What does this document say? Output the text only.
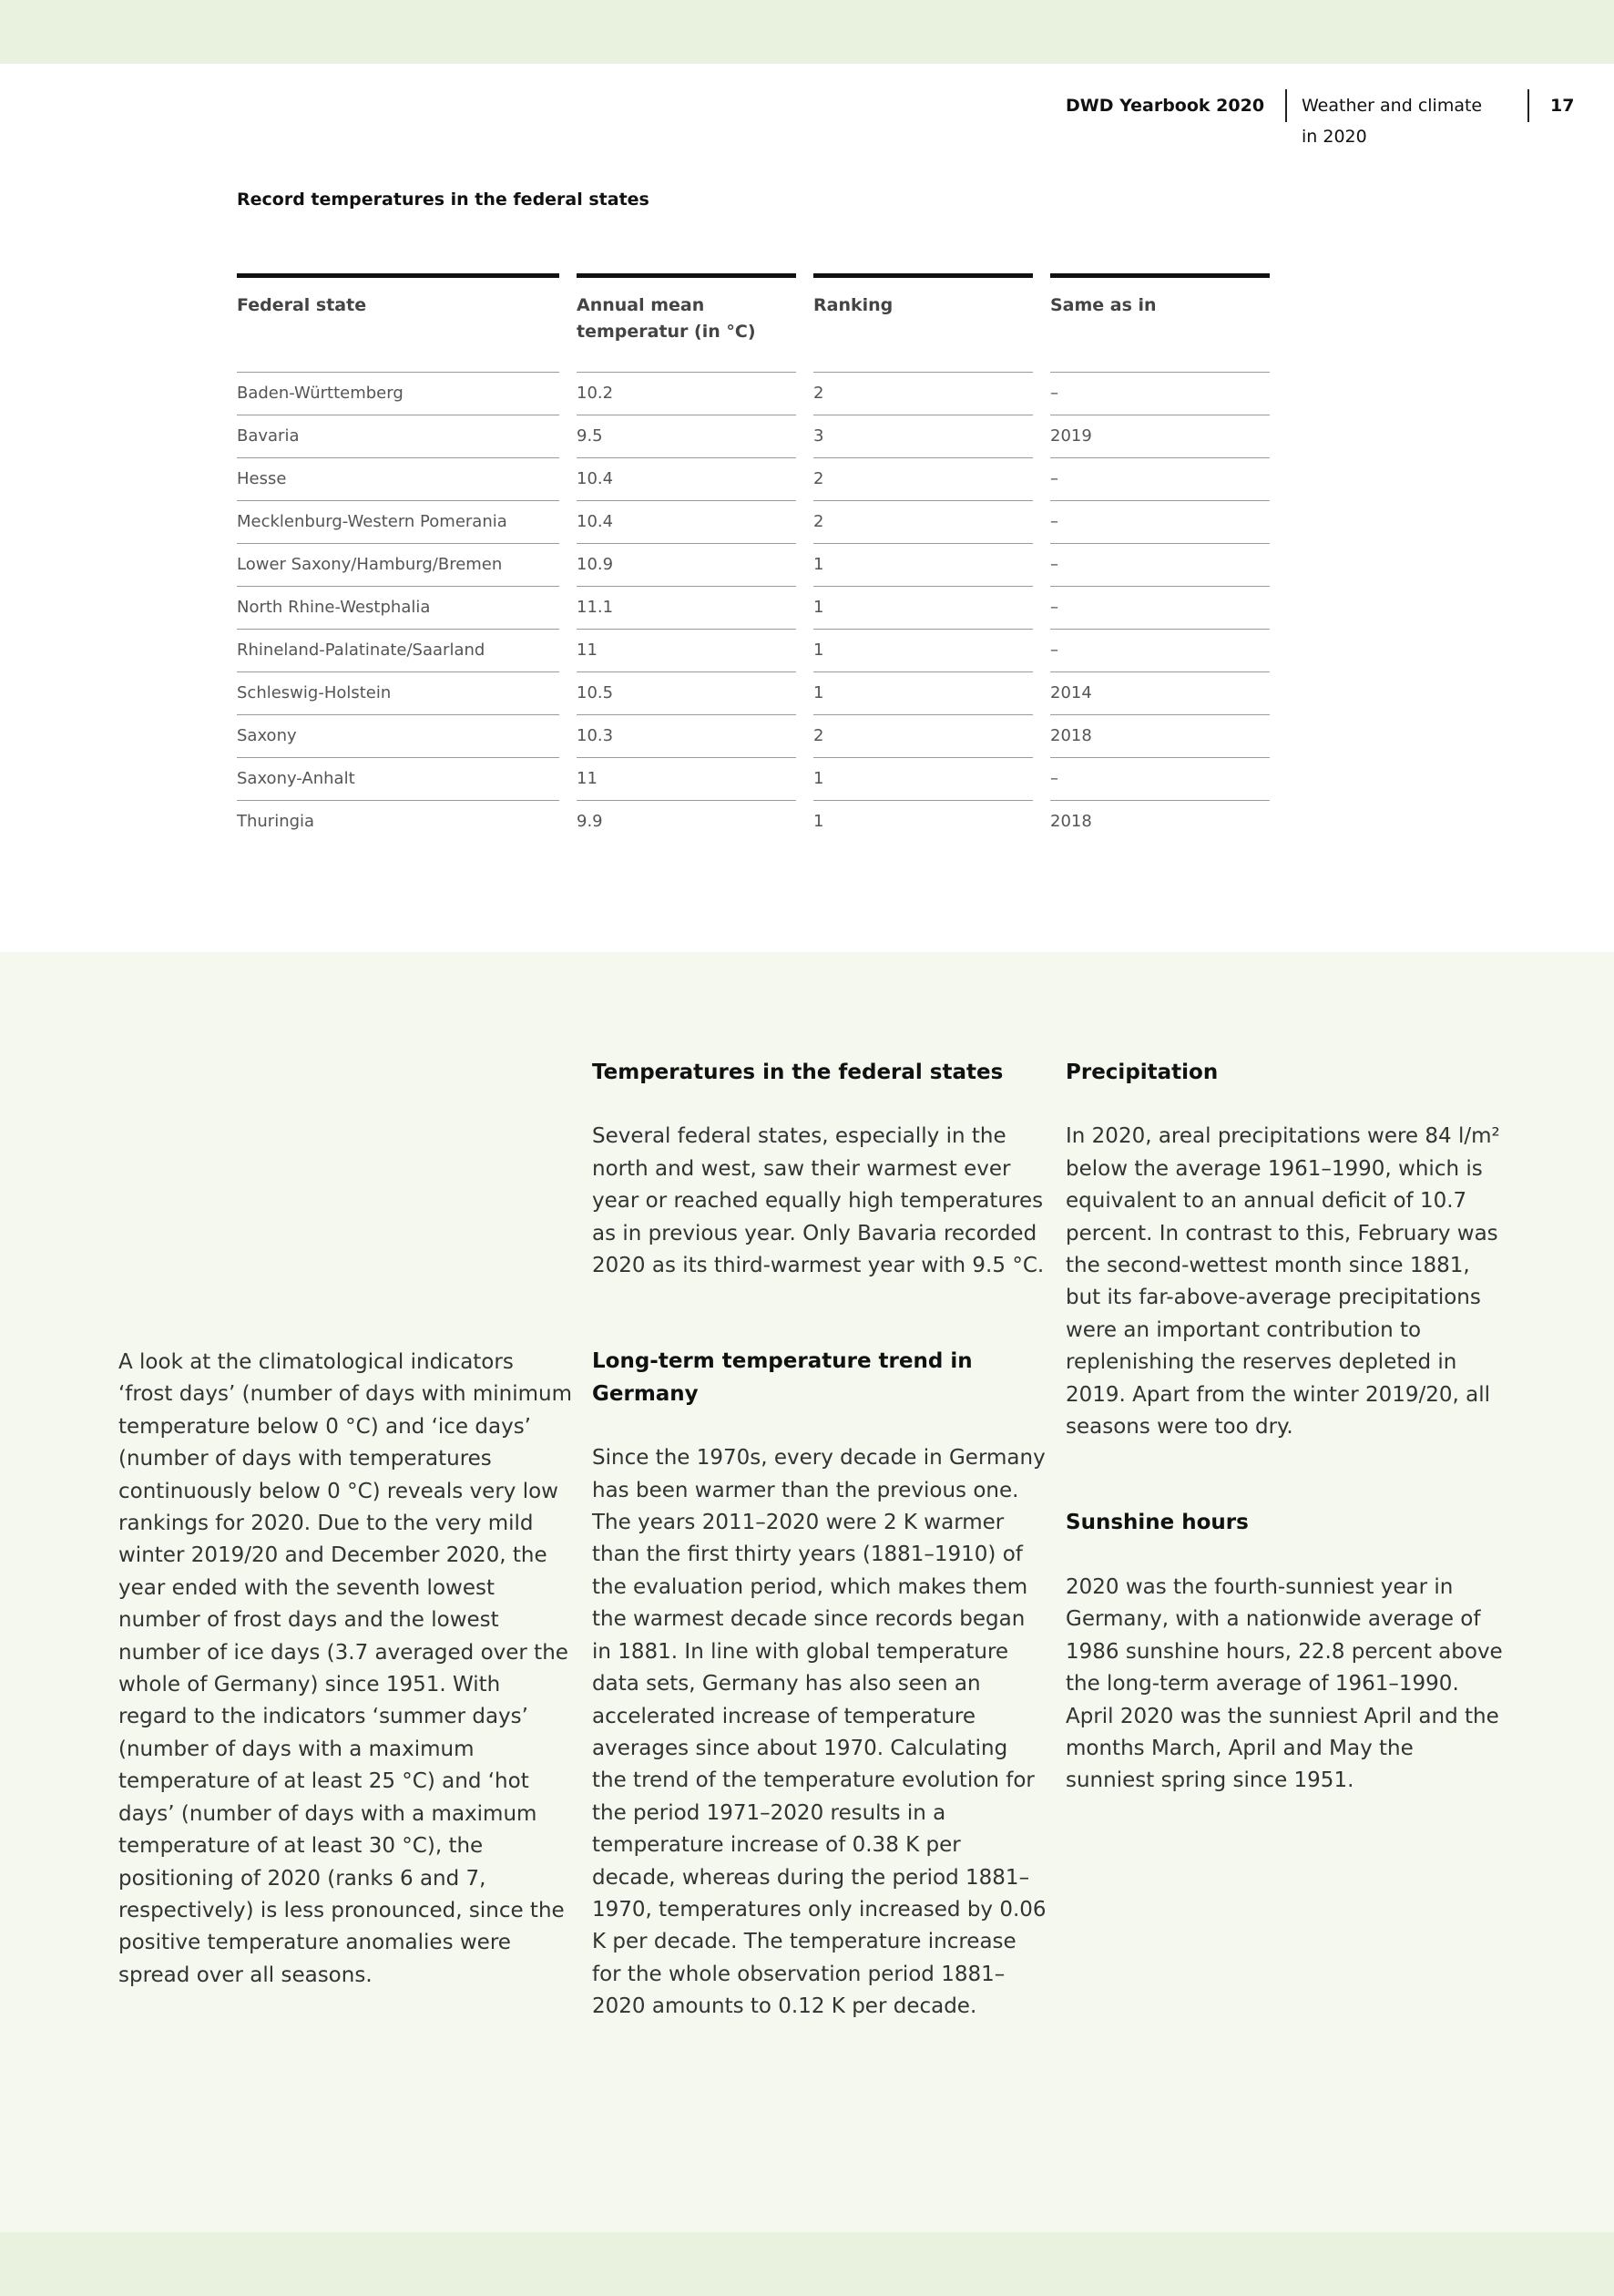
DWD Yearbook 2020 Weather and climate
in 2020
17
Record temperatures in the federal states
Federal state
Baden-Württemberg
Bavaria
Hesse
Mecklenburg-Western Pomerania
Lower Saxony/Hamburg/Bremen
North Rhine-Westphalia
Rhineland-Palatinate/Saarland
Schleswig-Holstein
Saxony
Saxony-Anhalt
Thuringia
Annual mean temperatur (in °C)
10.2
9.5
10.4
10.4
10.9
11.1
11
10.5
10.3
11
9.9
Ranking
2
3
2
2
1
1
1
1
2
1
1
Same as in
–
2019
–
–
–
–
–
2014
2018
–
2018
A look at the climatological indicators ‘frost days’ (number of days with minimum temperature below 0 °C) and ‘ice days’ (number of days with temperatures continuously below 0 °C) reveals very low rankings for 2020. Due to the very mild winter 2019/20 and December 2020, the year ended with the seventh lowest number of frost days and the lowest number of ice days (3.7 averaged over the whole of Germany) since 1951. With regard to the indicators ‘summer days’ (number of days with a maximum temperature of at least 25 °C) and ‘hot days’ (number of days with a maximum temperature of at least 30 °C), the positioning of 2020 (ranks 6 and 7, respectively) is less pronounced, since the positive temperature anomalies were spread over all seasons.
Temperatures in the federal states
Several federal states, especially in the north and west, saw their warmest ever year or reached equally high temperatures as in previous year. Only Bavaria recorded 2020 as its third-warmest year with 9.5 °C.
Long-term temperature trend in Germany
Since the 1970s, every decade in Germany has been warmer than the previous one. The years 2011–2020 were 2 K warmer than the first thirty years (1881–1910) of the evaluation period, which makes them the warmest decade since records began in 1881. In line with global temperature data sets, Germany has also seen an accelerated increase of temperature averages since about 1970. Calculating the trend of the temperature evolution for the period 1971–2020 results in a temperature increase of 0.38 K per decade, whereas during the period 1881–1970, temperatures only increased by 0.06 K per decade. The temperature increase for the whole observation period 1881–2020 amounts to 0.12 K per decade.
Precipitation
In 2020, areal precipitations were 84 l/m² below the average 1961–1990, which is equivalent to an annual deficit of 10.7 percent. In contrast to this, February was the second-wettest month since 1881, but its far-above-average precipitations were an important contribution to replenishing the reserves depleted in 2019. Apart from the winter 2019/20, all seasons were too dry.
Sunshine hours
2020 was the fourth-sunniest year in Germany, with a nationwide average of 1986 sunshine hours, 22.8 percent above the long-term average of 1961–1990. April 2020 was the sunniest April and the months March, April and May the sunniest spring since 1951.
